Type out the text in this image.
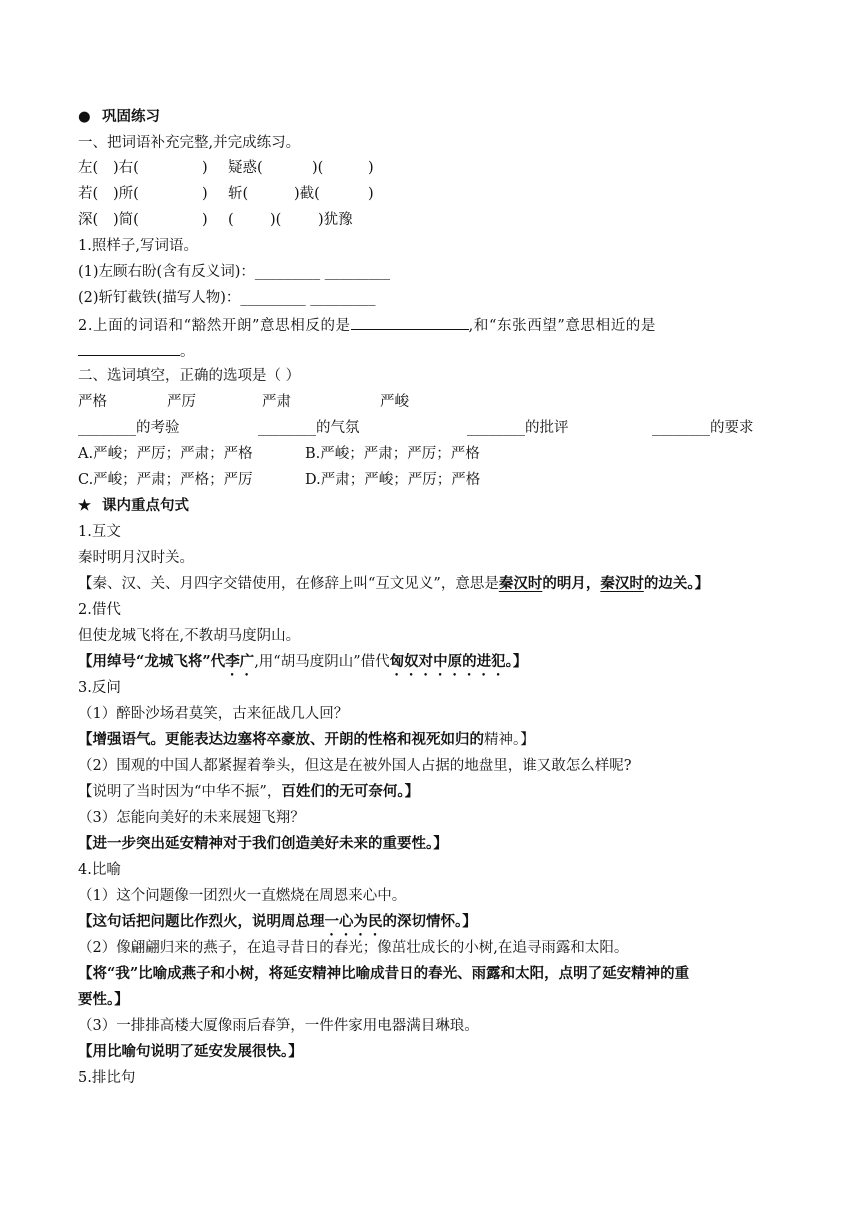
● 巩固练习
一、把词语补充完整,并完成练习。
左( )右(	) 疑惑(	)(	)
若( )所(	) 斩(	)截(	)
深( )简(	) (	)(	)犹豫
1.照样子,写词语。
(1)左顾右盼(含有反义词)：_________ _________
(2)斩钉截铁(描写人物)：_________ _________
2.上面的词语和“豁然开朗”意思相反的是	,和“东张西望”意思相近的是
。
二、选词填空，正确的选项是（ ）
严格	严厉	严肃	严峻
________的考验	________的气氛	________的批评	________的要求
A.严峻；严厉；严肃；严格	B.严峻；严肃；严厉；严格
C.严峻；严肃；严格；严厉	D.严肃；严峻；严厉；严格
★ 课内重点句式
1.互文
秦时明月汉时关。
【秦、汉、关、月四字交错使用，在修辞上叫“互文见义”，意思是秦汉时的明月，秦汉时的边关。】
2.借代
但使龙城飞将在,不教胡马度阴山。
【用绰号“龙城飞将”代李广,用“胡马度阴山”借代匈奴对中原的进犯。】
3.反问
（1）醉卧沙场君莫笑，古来征战几人回？
【增强语气。更能表达边塞将卒豪放、开朗的性格和视死如归的精神。】
（2）围观的中国人都紧握着拳头，但这是在被外国人占据的地盘里，谁又敢怎么样呢?
【说明了当时因为“中华不振”，百姓们的无可奈何。】
（3）怎能向美好的未来展翅飞翔？
【进一步突出延安精神对于我们创造美好未来的重要性。】
4.比喻
（1）这个问题像一团烈火一直燃烧在周恩来心中。
【这句话把问题比作烈火，说明周总理一心为民的深切情怀。】
（2）像翩翩归来的燕子，在追寻昔日的春光；像茁壮成长的小树,在追寻雨露和太阳。
【将“我”比喻成燕子和小树，将延安精神比喻成昔日的春光、雨露和太阳，点明了延安精神的重
要性。】
（3）一排排高楼大厦像雨后春笋，一件件家用电器满目琳琅。
【用比喻句说明了延安发展很快。】
5.排比句
